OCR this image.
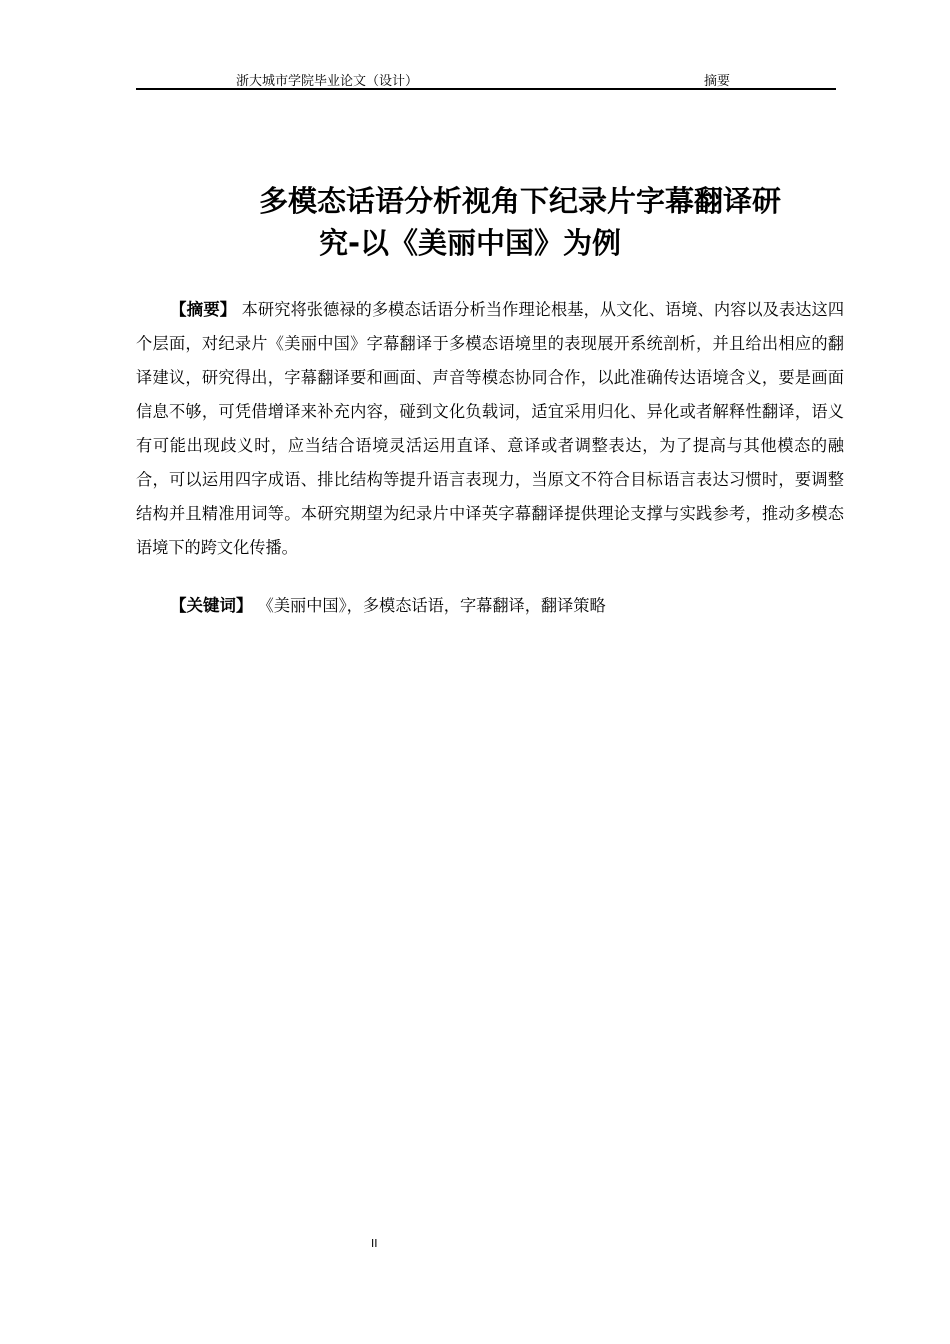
浙大城市学院毕业论文（设计）	摘要
多模态话语分析视角下纪录片字幕翻译研
究-以《美丽中国》为例

【摘要】 本研究将张德禄的多模态话语分析当作理论根基，从文化、语境、内容以及表达这四个层面，对纪录片《美丽中国》字幕翻译于多模态语境里的表现展开系统剖析，并且给出相应的翻译建议，研究得出，字幕翻译要和画面、声音等模态协同合作，以此准确传达语境含义，要是画面信息不够，可凭借增译来补充内容，碰到文化负载词，适宜采用归化、异化或者解释性翻译，语义有可能出现歧义时，应当结合语境灵活运用直译、意译或者调整表达，为了提高与其他模态的融合，可以运用四字成语、排比结构等提升语言表现力，当原文不符合目标语言表达习惯时，要调整结构并且精准用词等。本研究期望为纪录片中译英字幕翻译提供理论支撑与实践参考，推动多模态语境下的跨文化传播。

【关键词】 《美丽中国》，多模态话语，字幕翻译，翻译策略

II
